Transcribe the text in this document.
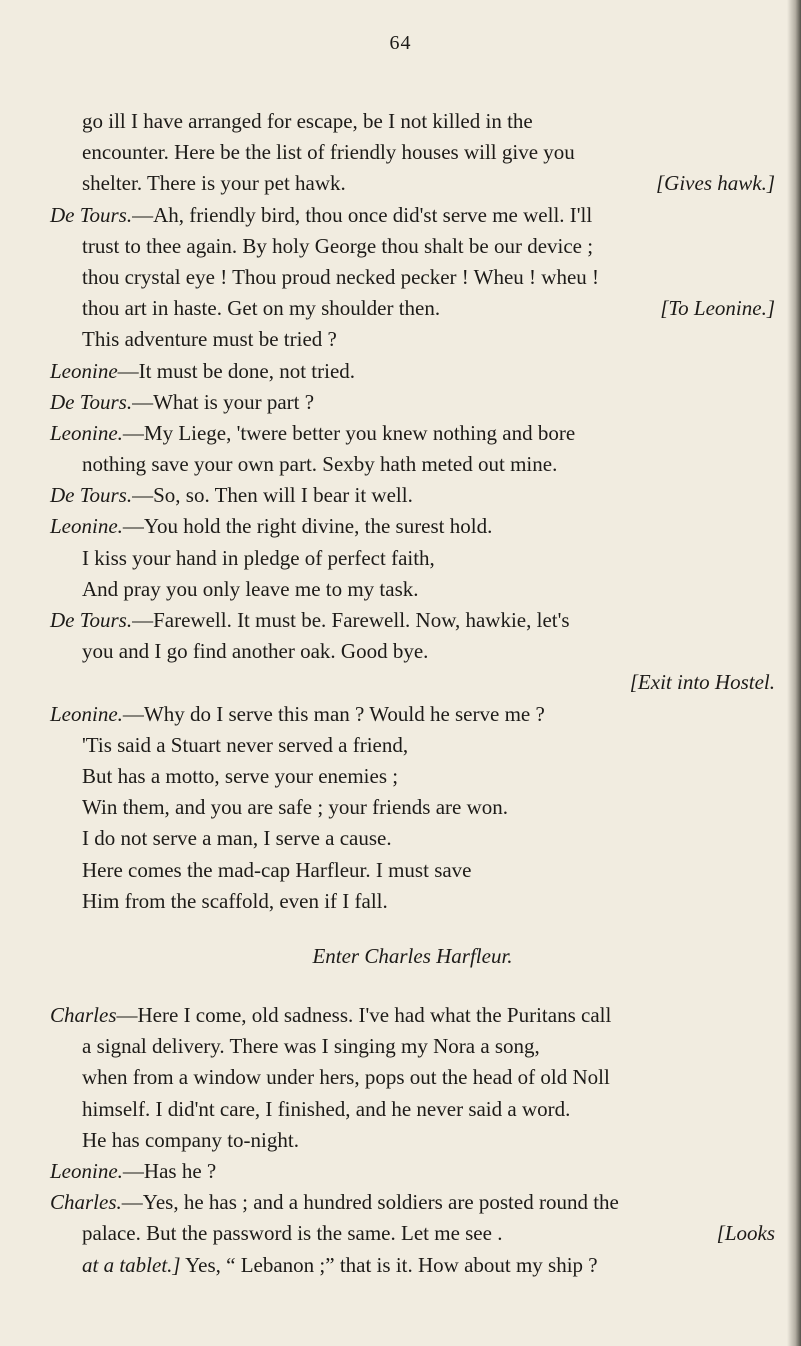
64
go ill I have arranged for escape, be I not killed in the
encounter. Here be the list of friendly houses will give you
shelter. There is your pet hawk.	[Gives hawk.]
De Tours.—Ah, friendly bird, thou once did'st serve me well. I'll
trust to thee again. By holy George thou shalt be our device ;
thou crystal eye ! Thou proud necked pecker ! Wheu ! wheu !
thou art in haste. Get on my shoulder then.	[To Leonine.]
This adventure must be tried ?
Leonine—It must be done, not tried.
De Tours.—What is your part ?
Leonine.—My Liege, 'twere better you knew nothing and bore
nothing save your own part. Sexby hath meted out mine.
De Tours.—So, so. Then will I bear it well.
Leonine.—You hold the right divine, the surest hold.
I kiss your hand in pledge of perfect faith,
And pray you only leave me to my task.
De Tours.—Farewell. It must be. Farewell. Now, hawkie, let's
you and I go find another oak. Good bye.
[Exit into Hostel.
Leonine.—Why do I serve this man ? Would he serve me ?
'Tis said a Stuart never served a friend,
But has a motto, serve your enemies ;
Win them, and you are safe ; your friends are won.
I do not serve a man, I serve a cause.
Here comes the mad-cap Harfleur. I must save
Him from the scaffold, even if I fall.
Enter Charles Harfleur.
Charles—Here I come, old sadness. I've had what the Puritans call
a signal delivery. There was I singing my Nora a song,
when from a window under hers, pops out the head of old Noll
himself. I did'nt care, I finished, and he never said a word.
He has company to-night.
Leonine.—Has he ?
Charles.—Yes, he has ; and a hundred soldiers are posted round the
palace. But the password is the same. Let me see .	[Looks
at a tablet.] Yes, “ Lebanon ;” that is it. How about my ship ?
